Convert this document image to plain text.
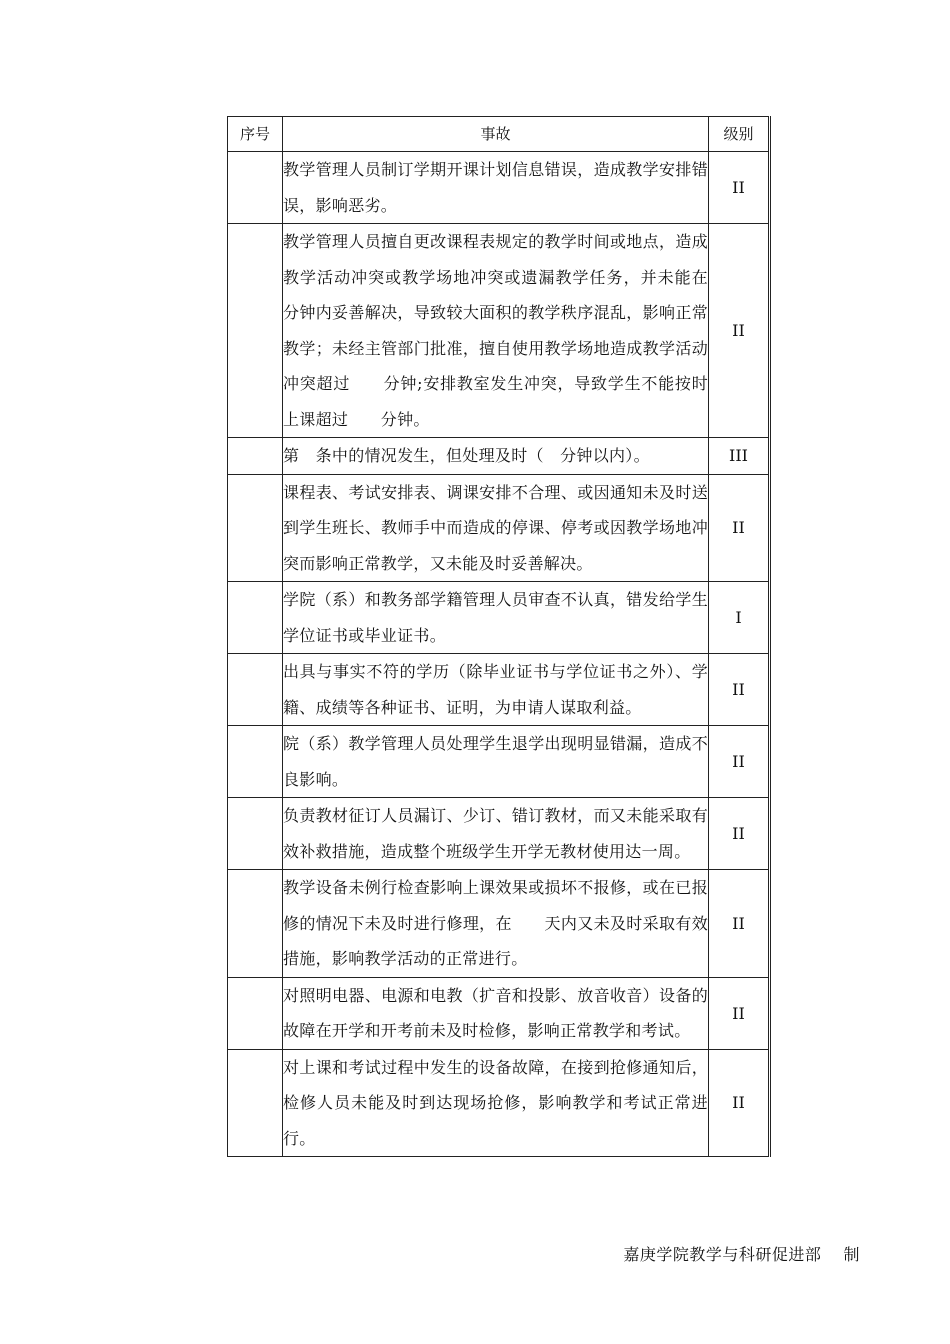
序号	事故	级别
	教学管理人员制订学期开课计划信息错误，造成教学安排错误，影响恶劣。	II
	教学管理人员擅自更改课程表规定的教学时间或地点，造成教学活动冲突或教学场地冲突或遗漏教学任务，并未能在　　分钟内妥善解决，导致较大面积的教学秩序混乱，影响正常教学；未经主管部门批准，擅自使用教学场地造成教学活动冲突超过　　分钟;安排教室发生冲突，导致学生不能按时上课超过　　分钟。	II
	第　条中的情况发生，但处理及时（　分钟以内）。	III
	课程表、考试安排表、调课安排不合理、或因通知未及时送到学生班长、教师手中而造成的停课、停考或因教学场地冲突而影响正常教学，又未能及时妥善解决。	II
	学院（系）和教务部学籍管理人员审查不认真，错发给学生学位证书或毕业证书。	I
	出具与事实不符的学历（除毕业证书与学位证书之外）、学籍、成绩等各种证书、证明，为申请人谋取利益。	II
	院（系）教学管理人员处理学生退学出现明显错漏，造成不良影响。	II
	负责教材征订人员漏订、少订、错订教材，而又未能采取有效补救措施，造成整个班级学生开学无教材使用达一周。	II
	教学设备未例行检查影响上课效果或损坏不报修，或在已报修的情况下未及时进行修理，在　　天内又未及时采取有效措施，影响教学活动的正常进行。	II
	对照明电器、电源和电教（扩音和投影、放音收音）设备的故障在开学和开考前未及时检修，影响正常教学和考试。	II
	对上课和考试过程中发生的设备故障，在接到抢修通知后，检修人员未能及时到达现场抢修，影响教学和考试正常进行。	II
嘉庚学院教学与科研促进部　 制
